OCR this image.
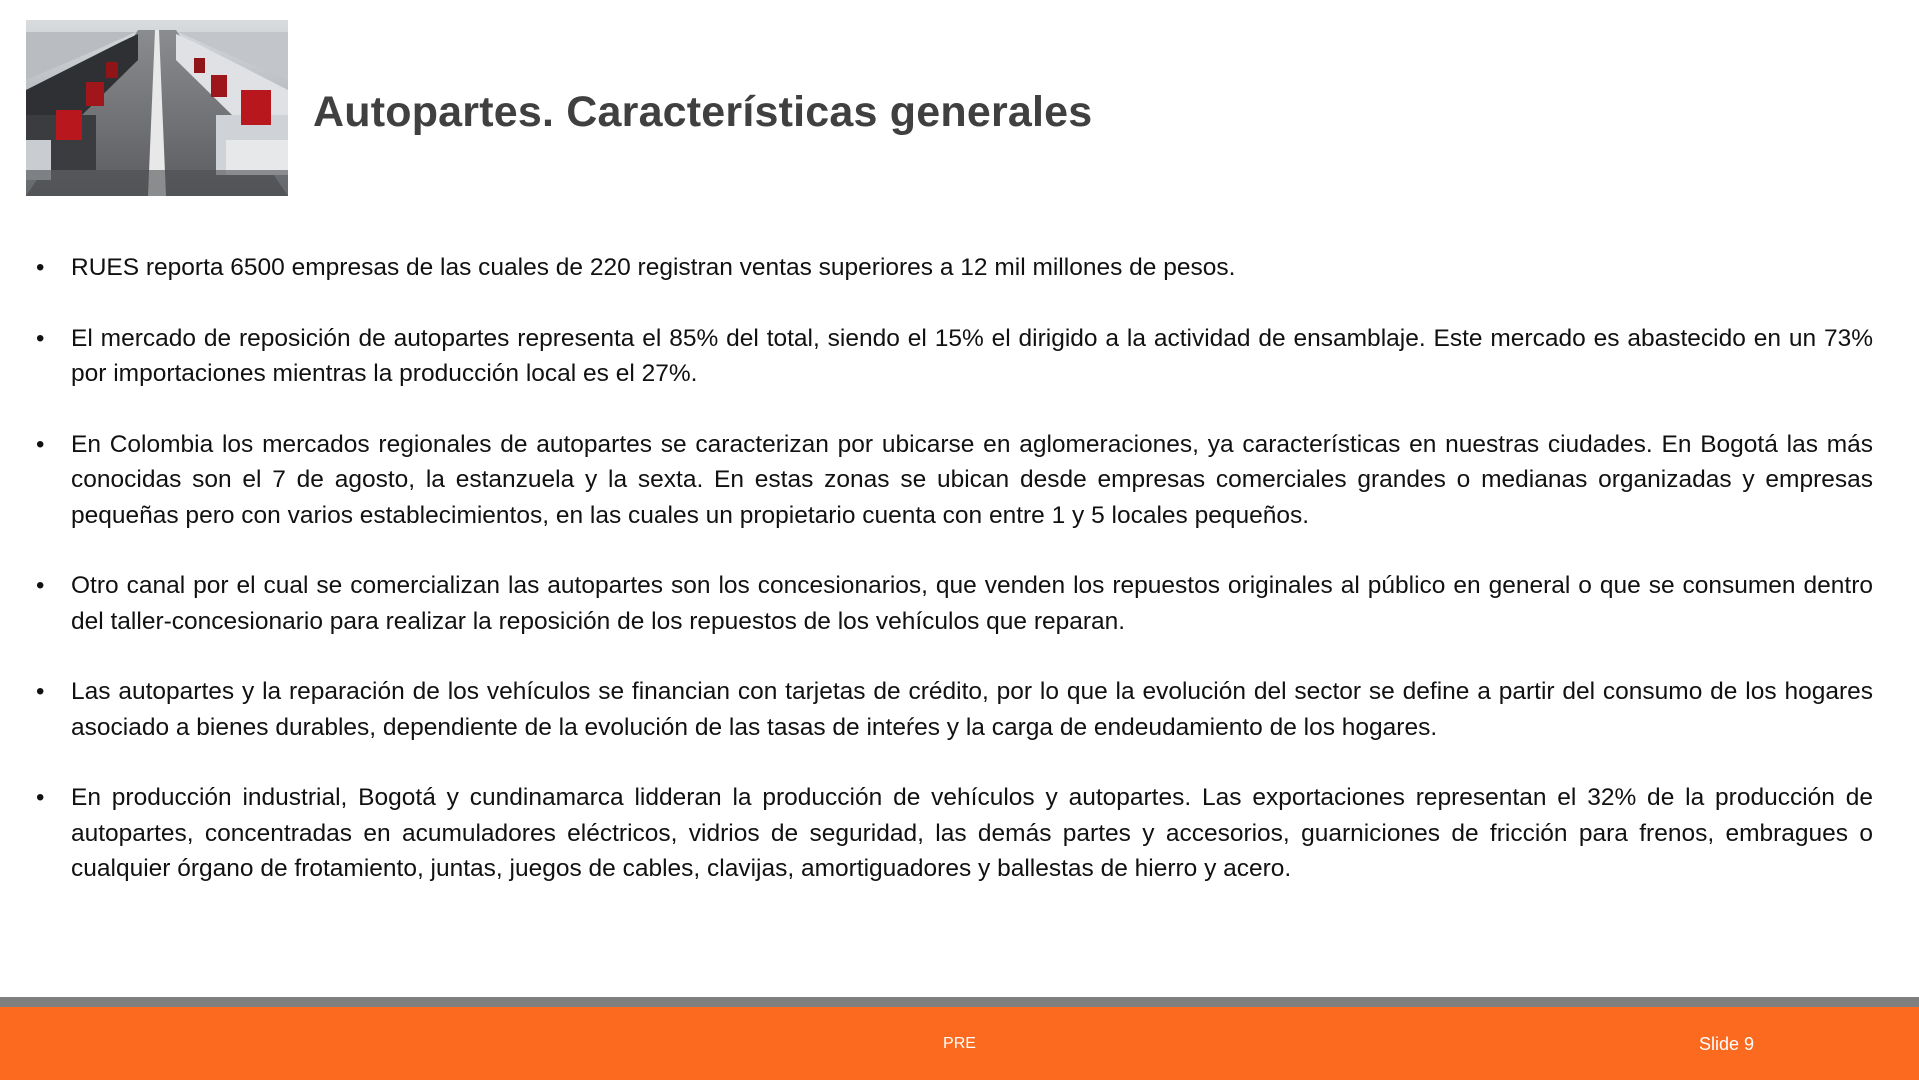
Autopartes. Características generales
•	RUES reporta 6500 empresas de las cuales de 220 registran ventas superiores a 12 mil millones de pesos.
•	El mercado de reposición de autopartes representa el 85% del total, siendo el 15% el dirigido a la actividad de ensamblaje. Este mercado es abastecido en un 73% por importaciones mientras la producción local es el 27%.
•	En Colombia los mercados regionales de autopartes se caracterizan por ubicarse en aglomeraciones, ya características en nuestras ciudades. En Bogotá las más conocidas son el 7 de agosto, la estanzuela y la sexta. En estas zonas se ubican desde empresas comerciales grandes o medianas organizadas y empresas pequeñas pero con varios establecimientos, en las cuales un propietario cuenta con entre 1 y 5 locales pequeños.
•	Otro canal por el cual se comercializan las autopartes son los concesionarios, que venden los repuestos originales al público en general o que se consumen dentro del taller-concesionario para realizar la reposición de los repuestos de los vehículos que reparan.
•	Las autopartes y la reparación de los vehículos se financian con tarjetas de crédito, por lo que la evolución del sector se define a partir del consumo de los hogares asociado a bienes durables, dependiente de la evolución de las tasas de inteŕes y la carga de endeudamiento de los hogares.
•	En producción industrial, Bogotá y cundinamarca lidderan la producción de vehículos y autopartes. Las exportaciones representan el 32% de la producción de autopartes, concentradas en acumuladores eléctricos, vidrios de seguridad, las demás partes y accesorios, guarniciones de fricción para frenos, embragues o cualquier órgano de frotamiento, juntas, juegos de cables, clavijas, amortiguadores y ballestas de hierro y acero.
PRE	Slide 9
